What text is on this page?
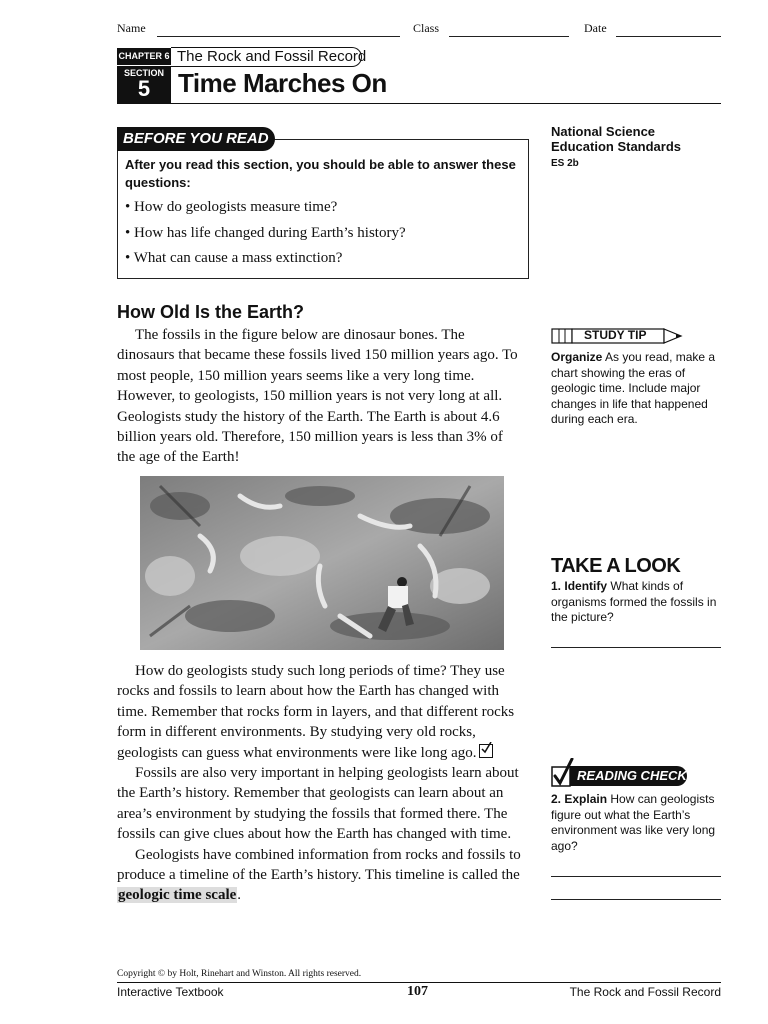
Name	Class	Date
CHAPTER 6 The Rock and Fossil Record
SECTION
5	Time Marches On
BEFORE YOU READ
After you read this section, you should be able to answer these questions:
• How do geologists measure time?
• How has life changed during Earth’s history?
• What can cause a mass extinction?
National Science
Education Standards
ES 2b
How Old Is the Earth?

The fossils in the figure below are dinosaur bones. The dinosaurs that became these fossils lived 150 million years ago. To most people, 150 million years seems like a very long time. However, to geologists, 150 million years is not very long at all. Geologists study the history of the Earth. The Earth is about 4.6 billion years old. Therefore, 150 million years is less than 3% of the age of the Earth!

How do geologists study such long periods of time? They use rocks and fossils to learn about how the Earth has changed with time. Remember that rocks form in layers, and that different rocks form in different environments. By studying very old rocks, geologists can guess what environments were like long ago.

Fossils are also very important in helping geologists learn about the Earth’s history. Remember that geologists can learn about an area’s environment by studying the fossils that formed there. The fossils can give clues about how the Earth has changed with time.

Geologists have combined information from rocks and fossils to produce a timeline of the Earth’s history. This timeline is called the geologic time scale.

STUDY TIP
Organize As you read, make a chart showing the eras of geologic time. Include major changes in life that happened during each era.
TAKE A LOOK
1. Identify What kinds of organisms formed the fossils in the picture?
READING CHECK
2. Explain How can geologists figure out what the Earth’s environment was like very long ago?
Copyright © by Holt, Rinehart and Winston. All rights reserved.
Interactive Textbook	107	The Rock and Fossil Record
